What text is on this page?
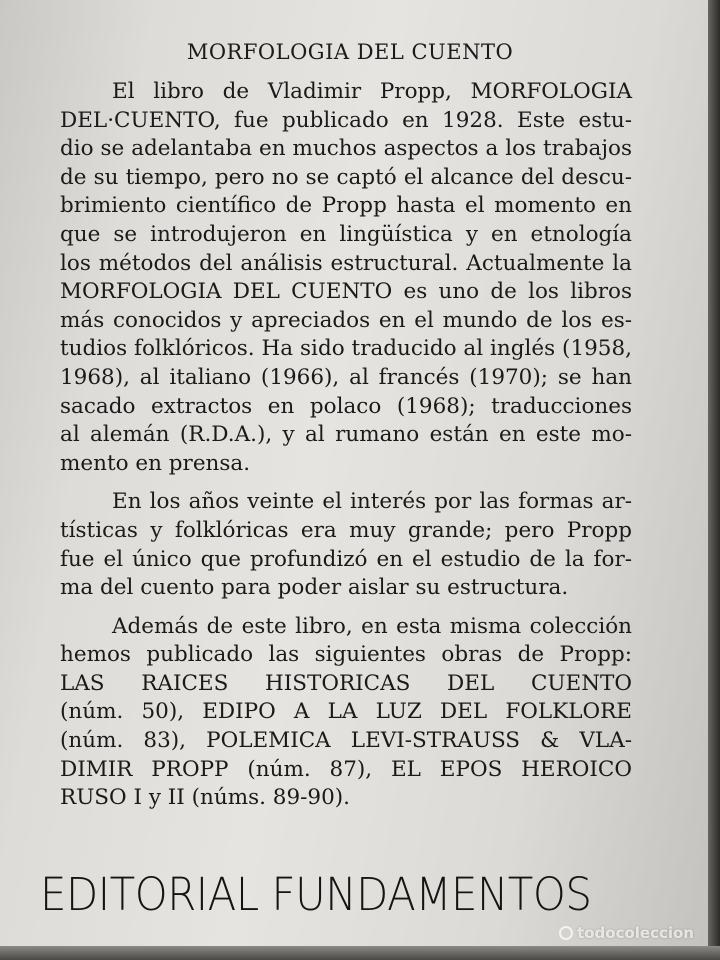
MORFOLOGIA DEL CUENTO
El libro de Vladimir Propp, MORFOLOGIA
DEL·CUENTO, fue publicado en 1928. Este estu-
dio se adelantaba en muchos aspectos a los trabajos
de su tiempo, pero no se captó el alcance del descu-
brimiento científico de Propp hasta el momento en
que se introdujeron en lingüística y en etnología
los métodos del análisis estructural. Actualmente la
MORFOLOGIA DEL CUENTO es uno de los libros
más conocidos y apreciados en el mundo de los es-
tudios folklóricos. Ha sido traducido al inglés (1958,
1968), al italiano (1966), al francés (1970); se han
sacado extractos en polaco (1968); traducciones
al alemán (R.D.A.), y al rumano están en este mo-
mento en prensa.
En los años veinte el interés por las formas ar-
tísticas y folklóricas era muy grande; pero Propp
fue el único que profundizó en el estudio de la for-
ma del cuento para poder aislar su estructura.
Además de este libro, en esta misma colección
hemos publicado las siguientes obras de Propp:
LAS RAICES HISTORICAS DEL CUENTO
(núm. 50), EDIPO A LA LUZ DEL FOLKLORE
(núm. 83), POLEMICA LEVI-STRAUSS & VLA-
DIMIR PROPP (núm. 87), EL EPOS HEROICO
RUSO I y II (núms. 89-90).
EDITORIAL FUNDAMENTOS
todocoleccion
